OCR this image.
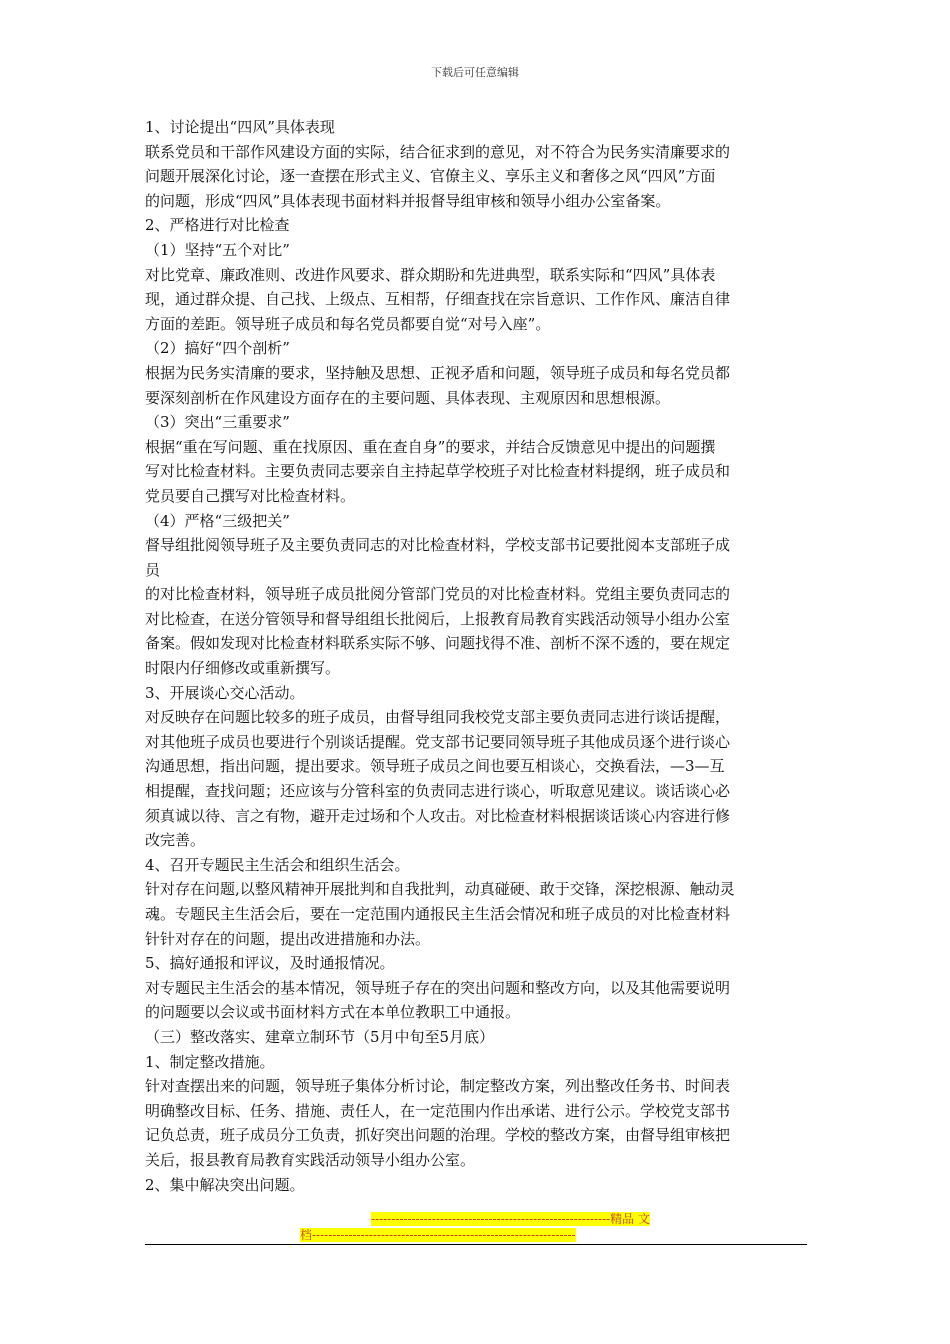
下载后可任意编辑
1、讨论提出“四风”具体表现
联系党员和干部作风建设方面的实际，结合征求到的意见，对不符合为民务实清廉要求的
问题开展深化讨论，逐一查摆在形式主义、官僚主义、享乐主义和奢侈之风“四风”方面
的问题，形成“四风”具体表现书面材料并报督导组审核和领导小组办公室备案。
2、严格进行对比检查
（1）坚持“五个对比”
对比党章、廉政准则、改进作风要求、群众期盼和先进典型，联系实际和“四风”具体表
现，通过群众提、自己找、上级点、互相帮，仔细查找在宗旨意识、工作作风、廉洁自律
方面的差距。领导班子成员和每名党员都要自觉“对号入座”。
（2）搞好“四个剖析”
根据为民务实清廉的要求，坚持触及思想、正视矛盾和问题，领导班子成员和每名党员都
要深刻剖析在作风建设方面存在的主要问题、具体表现、主观原因和思想根源。
（3）突出“三重要求”
根据“重在写问题、重在找原因、重在查自身”的要求，并结合反馈意见中提出的问题撰
写对比检查材料。主要负责同志要亲自主持起草学校班子对比检查材料提纲，班子成员和
党员要自己撰写对比检查材料。
（4）严格“三级把关”
督导组批阅领导班子及主要负责同志的对比检查材料，学校支部书记要批阅本支部班子成
员
的对比检查材料，领导班子成员批阅分管部门党员的对比检查材料。党组主要负责同志的
对比检查，在送分管领导和督导组组长批阅后，上报教育局教育实践活动领导小组办公室
备案。假如发现对比检查材料联系实际不够、问题找得不准、剖析不深不透的，要在规定
时限内仔细修改或重新撰写。
3、开展谈心交心活动。
对反映存在问题比较多的班子成员，由督导组同我校党支部主要负责同志进行谈话提醒，
对其他班子成员也要进行个别谈话提醒。党支部书记要同领导班子其他成员逐个进行谈心
沟通思想，指出问题，提出要求。领导班子成员之间也要互相谈心，交换看法，—3—互
相提醒，查找问题；还应该与分管科室的负责同志进行谈心，听取意见建议。谈话谈心必
须真诚以待、言之有物，避开走过场和个人攻击。对比检查材料根据谈话谈心内容进行修
改完善。
4、召开专题民主生活会和组织生活会。
针对存在问题,以整风精神开展批判和自我批判，动真碰硬、敢于交锋，深挖根源、触动灵
魂。专题民主生活会后，要在一定范围内通报民主生活会情况和班子成员的对比检查材料
针针对存在的问题，提出改进措施和办法。
5、搞好通报和评议，及时通报情况。
对专题民主生活会的基本情况，领导班子存在的突出问题和整改方向，以及其他需要说明
的问题要以会议或书面材料方式在本单位教职工中通报。
（三）整改落实、建章立制环节（5月中旬至5月底）
1、制定整改措施。
针对查摆出来的问题，领导班子集体分析讨论，制定整改方案，列出整改任务书、时间表
明确整改目标、任务、措施、责任人，在一定范围内作出承诺、进行公示。学校党支部书
记负总责，班子成员分工负责，抓好突出问题的治理。学校的整改方案，由督导组审核把
关后，报县教育局教育实践活动领导小组办公室。
2、集中解决突出问题。
-----------------------------------------------------------精品 文
档-----------------------------------------------------------------
